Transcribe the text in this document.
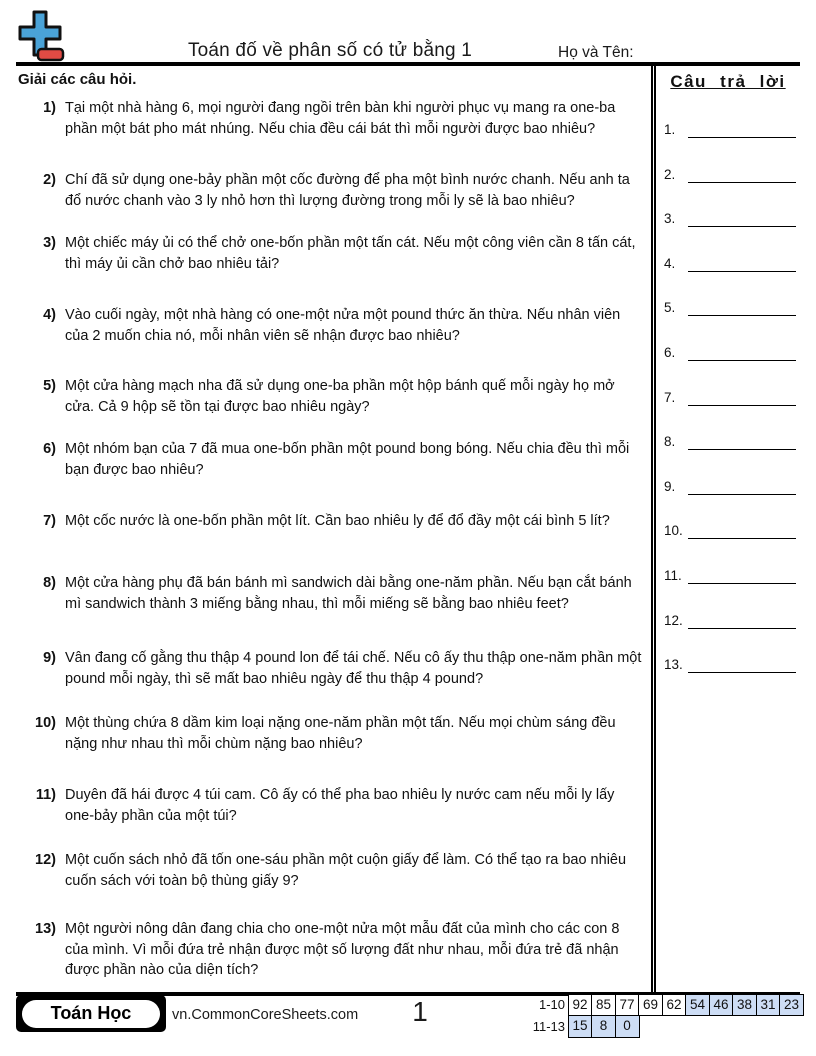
Toán đố về phân số có tử bằng 1	Họ và Tên:
Giải các câu hỏi.
1) Tại một nhà hàng 6, mọi người đang ngồi trên bàn khi người phục vụ mang ra one-ba phần một bát pho mát nhúng. Nếu chia đều cái bát thì mỗi người được bao nhiêu?
2) Chí đã sử dụng one-bảy phần một cốc đường để pha một bình nước chanh. Nếu anh ta đổ nước chanh vào 3 ly nhỏ hơn thì lượng đường trong mỗi ly sẽ là bao nhiêu?
3) Một chiếc máy ủi có thể chở one-bốn phần một tấn cát. Nếu một công viên cần 8 tấn cát, thì máy ủi cần chở bao nhiêu tải?
4) Vào cuối ngày, một nhà hàng có one-một nửa một pound thức ăn thừa. Nếu nhân viên của 2 muốn chia nó, mỗi nhân viên sẽ nhận được bao nhiêu?
5) Một cửa hàng mạch nha đã sử dụng one-ba phần một hộp bánh quế mỗi ngày họ mở cửa. Cả 9 hộp sẽ tồn tại được bao nhiêu ngày?
6) Một nhóm bạn của 7 đã mua one-bốn phần một pound bong bóng. Nếu chia đều thì mỗi bạn được bao nhiêu?
7) Một cốc nước là one-bốn phần một lít. Cần bao nhiêu ly để đổ đầy một cái bình 5 lít?
8) Một cửa hàng phụ đã bán bánh mì sandwich dài bằng one-năm phần. Nếu bạn cắt bánh mì sandwich thành 3 miếng bằng nhau, thì mỗi miếng sẽ bằng bao nhiêu feet?
9) Vân đang cố gằng thu thập 4 pound lon để tái chế. Nếu cô ấy thu thập one-năm phần một pound mỗi ngày, thì sẽ mất bao nhiêu ngày để thu thập 4 pound?
10) Một thùng chứa 8 dầm kim loại nặng one-năm phần một tấn. Nếu mọi chùm sáng đều nặng như nhau thì mỗi chùm nặng bao nhiêu?
11) Duyên đã hái được 4 túi cam. Cô ấy có thể pha bao nhiêu ly nước cam nếu mỗi ly lấy one-bảy phần của một túi?
12) Một cuốn sách nhỏ đã tốn one-sáu phần một cuộn giấy để làm. Có thể tạo ra bao nhiêu cuốn sách với toàn bộ thùng giấy 9?
13) Một người nông dân đang chia cho one-một nửa một mẫu đất của mình cho các con 8 của mình. Vì mỗi đứa trẻ nhận được một số lượng đất như nhau, mỗi đứa trẻ đã nhận được phần nào của diện tích?
Câu trả lời
1.
2.
3.
4.
5.
6.
7.
8.
9.
10.
11.
12.
13.
Toán Học	vn.CommonCoreSheets.com	1	1-10 92 85 77 69 62 54 46 38 31 23
11-13 15 8	0
